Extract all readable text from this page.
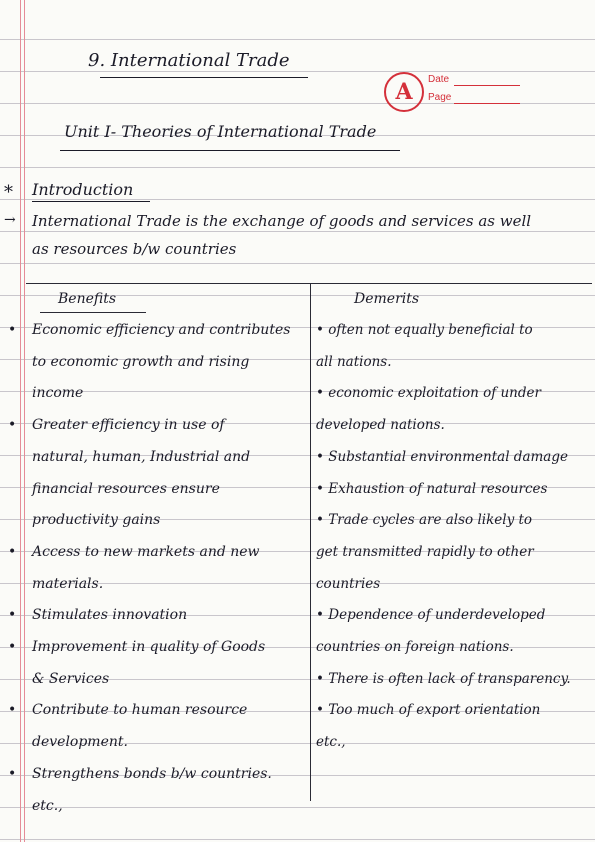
9. International Trade
A	Date
Page
Unit I- Theories of International Trade
* Introduction
→ International Trade is the exchange of goods and services as well
as resources b/w countries
Benefits	Demerits
• Economic efficiency and contributes
to economic growth and rising
income
• Greater efficiency in use of
natural, human, Industrial and
financial resources ensure
productivity gains
• Access to new markets and new
materials.
• Stimulates innovation
• Improvement in quality of Goods
& Services
• Contribute to human resource
development.
• Strengthens bonds b/w countries.
etc.,
• often not equally beneficial to
all nations.
• economic exploitation of under
developed nations.
• Substantial environmental damage
• Exhaustion of natural resources
• Trade cycles are also likely to
get transmitted rapidly to other
countries
• Dependence of underdeveloped
countries on foreign nations.
• There is often lack of transparency.
• Too much of export orientation
etc.,
